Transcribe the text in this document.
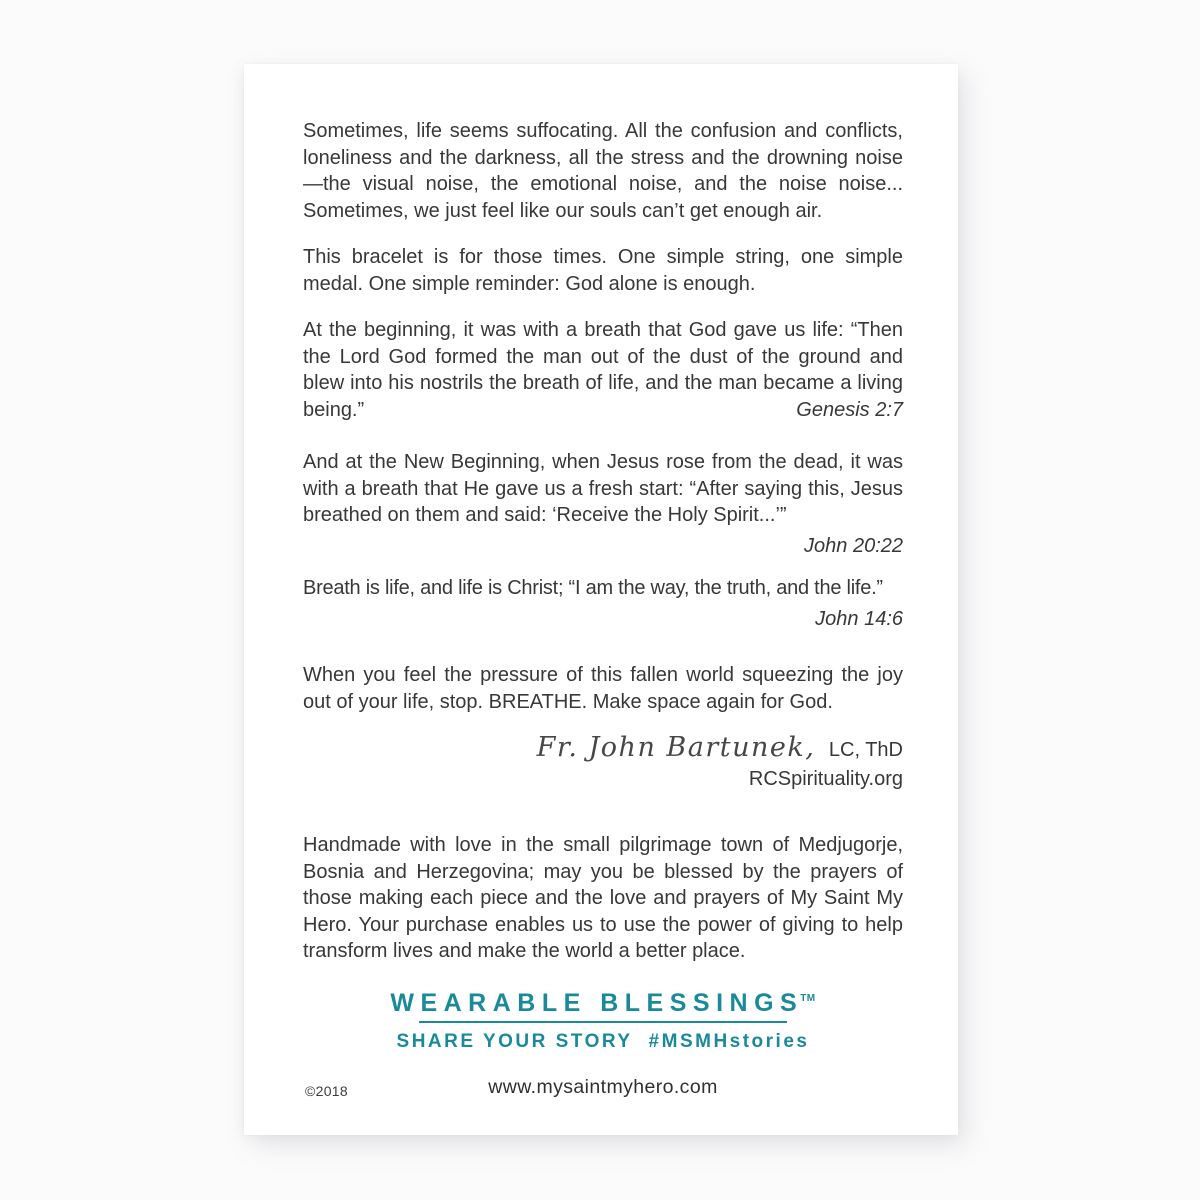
Sometimes, life seems suffocating. All the confusion and conflicts, loneliness and the darkness, all the stress and the drowning noise —the visual noise, the emotional noise, and the noise noise... Sometimes, we just feel like our souls can’t get enough air.

This bracelet is for those times. One simple string, one simple medal. One simple reminder: God alone is enough.

At the beginning, it was with a breath that God gave us life: “Then the Lord God formed the man out of the dust of the ground and blew into his nostrils the breath of life, and the man became a living being.”	Genesis 2:7

And at the New Beginning, when Jesus rose from the dead, it was with a breath that He gave us a fresh start: “After saying this, Jesus breathed on them and said: ‘Receive the Holy Spirit...’”

John 20:22

Breath is life, and life is Christ; “I am the way, the truth, and the life.”

John 14:6

When you feel the pressure of this fallen world squeezing the joy out of your life, stop. BREATHE. Make space again for God.

Fr. John Bartunek, LC, ThD
RCSpirituality.org

Handmade with love in the small pilgrimage town of Medjugorje, Bosnia and Herzegovina; may you be blessed by the prayers of those making each piece and the love and prayers of My Saint My Hero. Your purchase enables us to use the power of giving to help transform lives and make the world a better place.

WEARABLE BLESSINGS™
SHARE YOUR STORY #MSMHstories
©2018	www.mysaintmyhero.com
